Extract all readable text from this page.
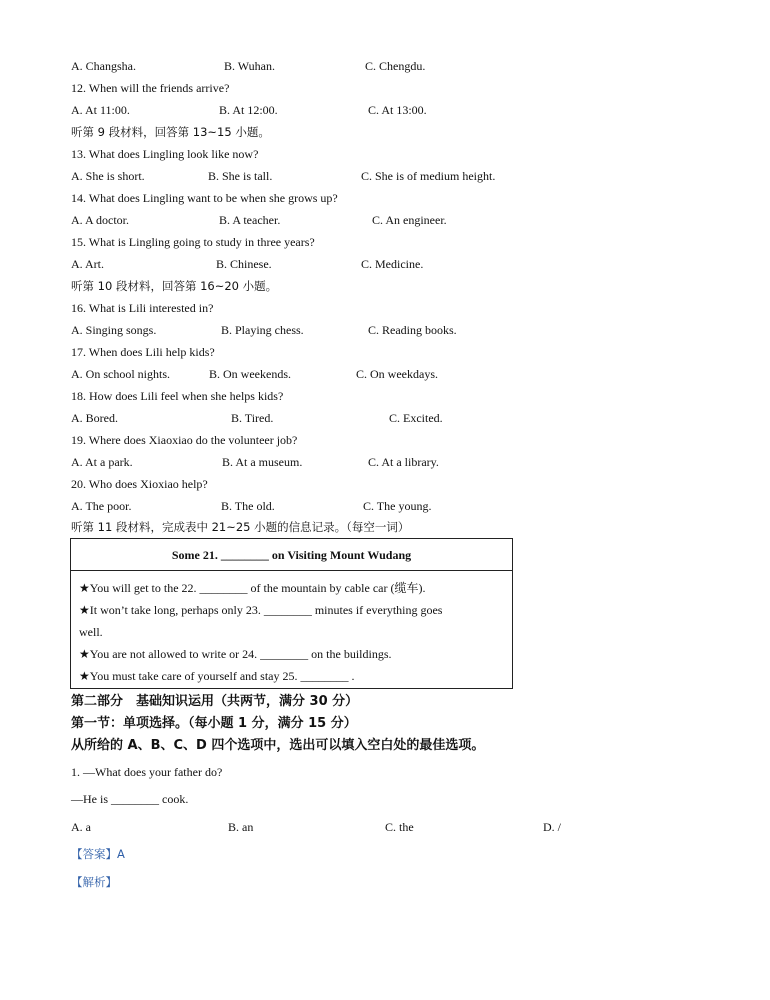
A. Changsha.	B. Wuhan.	C. Chengdu.
12. When will the friends arrive?
A. At 11:00.	B. At 12:00.	C. At 13:00.
听第 9 段材料，回答第 13~15 小题。
13. What does Lingling look like now?
A. She is short.	B. She is tall.	C. She is of medium height.
14. What does Lingling want to be when she grows up?
A. A doctor.	B. A teacher.	C. An engineer.
15. What is Lingling going to study in three years?
A. Art.	B. Chinese.	C. Medicine.
听第 10 段材料，回答第 16~20 小题。
16. What is Lili interested in?
A. Singing songs.	B. Playing chess.	C. Reading books.
17. When does Lili help kids?
A. On school nights.	B. On weekends.	C. On weekdays.
18. How does Lili feel when she helps kids?
A. Bored.	B. Tired.	C. Excited.
19. Where does Xiaoxiao do the volunteer job?
A. At a park.	B. At a museum.	C. At a library.
20. Who does Xioxiao help?
A. The poor.	B. The old.	C. The young.
听第 11 段材料，完成表中 21~25 小题的信息记录。（每空一词）
Some 21. ________ on Visiting Mount Wudang
★You will get to the 22. ________ of the mountain by cable car (缆车).
★It won’t take long, perhaps only 23. ________ minutes if everything goes
well.
★You are not allowed to write or 24. ________ on the buildings.
★You must take care of yourself and stay 25. ________ .
第二部分　基础知识运用（共两节，满分 30 分）
第一节：单项选择。（每小题 1 分，满分 15 分）
从所给的 A、B、C、D 四个选项中，选出可以填入空白处的最佳选项。
1. —What does your father do?
—He is ________ cook.
A. a	B. an	C. the	D. /
【答案】A
【解析】
